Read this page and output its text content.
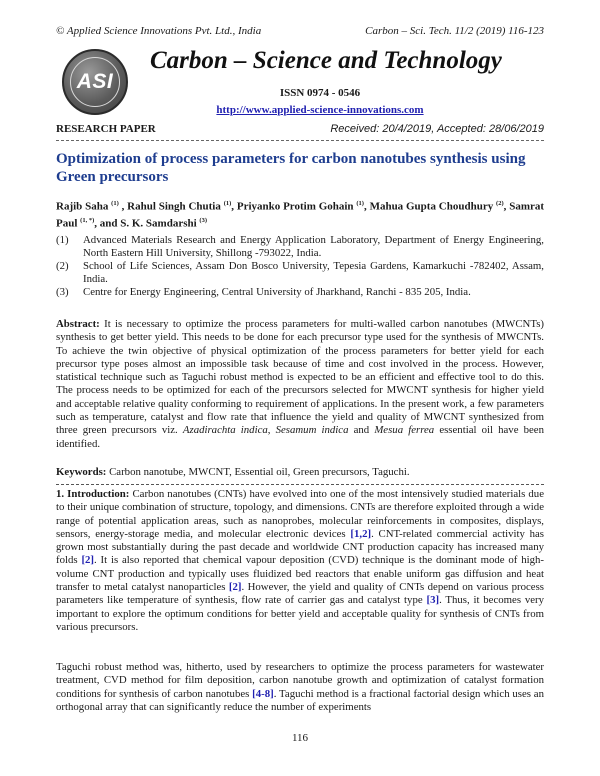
© Applied Science Innovations Pvt. Ltd., India	Carbon – Sci. Tech. 11/2 (2019) 116-123
ASI
Carbon – Science and Technology
ISSN 0974 - 0546
http://www.applied-science-innovations.com
RESEARCH PAPER	Received: 20/4/2019, Accepted: 28/06/2019
Optimization of process parameters for carbon nanotubes synthesis using Green precursors
Rajib Saha $^{(1)}$ , Rahul Singh Chutia $^{(1)}$, Priyanko Protim Gohain $^{(1)}$, Mahua Gupta Choudhury $^{(2)}$, Samrat Paul $^{(1, *)}$, and S. K. Samdarshi $^{(3)}$
(1) Advanced Materials Research and Energy Application Laboratory, Department of Energy Engineering, North Eastern Hill University, Shillong -793022, India.
(2) School of Life Sciences, Assam Don Bosco University, Tepesia Gardens, Kamarkuchi -782402, Assam, India.
(3) Centre for Energy Engineering, Central University of Jharkhand, Ranchi - 835 205, India.
Abstract: It is necessary to optimize the process parameters for multi-walled carbon nanotubes (MWCNTs) synthesis to get better yield. This needs to be done for each precursor type used for the synthesis of MWCNTs. To achieve the twin objective of physical optimization of the process parameters for better yield for each precursor type poses almost an impossible task because of time and cost involved in the process. However, statistical technique such as Taguchi robust method is expected to be an efficient and effective tool to do this. The process needs to be optimized for each of the precursors selected for MWCNT synthesis for higher yield and acceptable relative quality conforming to requirement of applications. In the present work, a few parameters such as temperature, catalyst and flow rate that influence the yield and quality of MWCNT synthesized from three green precursors viz. Azadirachta indica, Sesamum indica and Mesua ferrea essential oil have been identified.
Keywords: Carbon nanotube, MWCNT, Essential oil, Green precursors, Taguchi.
1. Introduction: Carbon nanotubes (CNTs) have evolved into one of the most intensively studied materials due to their unique combination of structure, topology, and dimensions. CNTs are therefore exploited through a wide range of potential application areas, such as nanoprobes, molecular reinforcements in composites, displays, sensors, energy-storage media, and molecular electronic devices [1,2]. CNT-related commercial activity has grown most substantially during the past decade and worldwide CNT production capacity has increased many folds [2]. It is also reported that chemical vapour deposition (CVD) technique is the dominant mode of high-volume CNT production and typically uses fluidized bed reactors that enable uniform gas diffusion and heat transfer to metal catalyst nanoparticles [2]. However, the yield and quality of CNTs depend on various process parameters like temperature of synthesis, flow rate of carrier gas and catalyst type [3]. Thus, it becomes very important to explore the optimum conditions for better yield and acceptable quality for synthesis of CNTs from various precursors.
Taguchi robust method was, hitherto, used by researchers to optimize the process parameters for wastewater treatment, CVD method for film deposition, carbon nanotube growth and optimization of catalyst formation conditions for synthesis of carbon nanotubes [4-8]. Taguchi method is a fractional factorial design which uses an orthogonal array that can significantly reduce the number of experiments
116
